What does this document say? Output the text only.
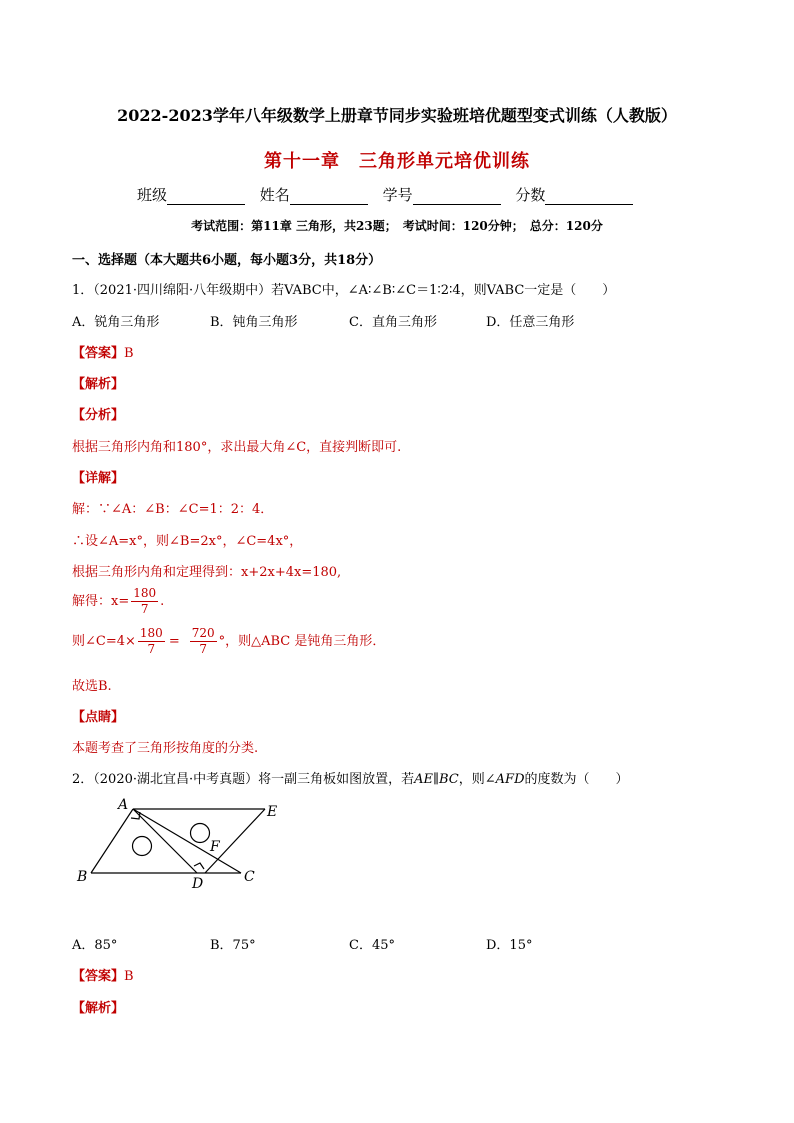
2022-2023学年八年级数学上册章节同步实验班培优题型变式训练（人教版）
第十一章　三角形单元培优训练
班级	姓名	学号	分数
考试范围：第11章 三角形，共23题；　考试时间：120分钟；　总分：120分
一、选择题（本大题共6小题，每小题3分，共18分）
1．（2021·四川绵阳·八年级期中）若VABC中，∠A∶∠B∶∠C＝1∶2∶4，则VABC一定是（　　）
A．锐角三角形	B．钝角三角形	C．直角三角形	D．任意三角形
【答案】B
【解析】
【分析】
根据三角形内角和180°，求出最大角∠C，直接判断即可.
【详解】
解：∵∠A：∠B：∠C=1：2：4．
∴设∠A=x°，则∠B=2x°，∠C=4x°，
根据三角形内角和定理得到：x+2x+4x=180,
解得：$x= \frac{180}{7}$ .
则∠C=4× $\frac{180}{7} = \frac{720}{7}$ °，则△ABC 是钝角三角形．
故选B.
【点睛】
本题考查了三角形按角度的分类.
2．（2020·湖北宜昌·中考真题）将一副三角板如图放置，若AE∥BC，则∠AFD的度数为（　　）
A	E
F
B	D	C
A．85°	B．75°	C．45°	D．15°
【答案】B
【解析】
